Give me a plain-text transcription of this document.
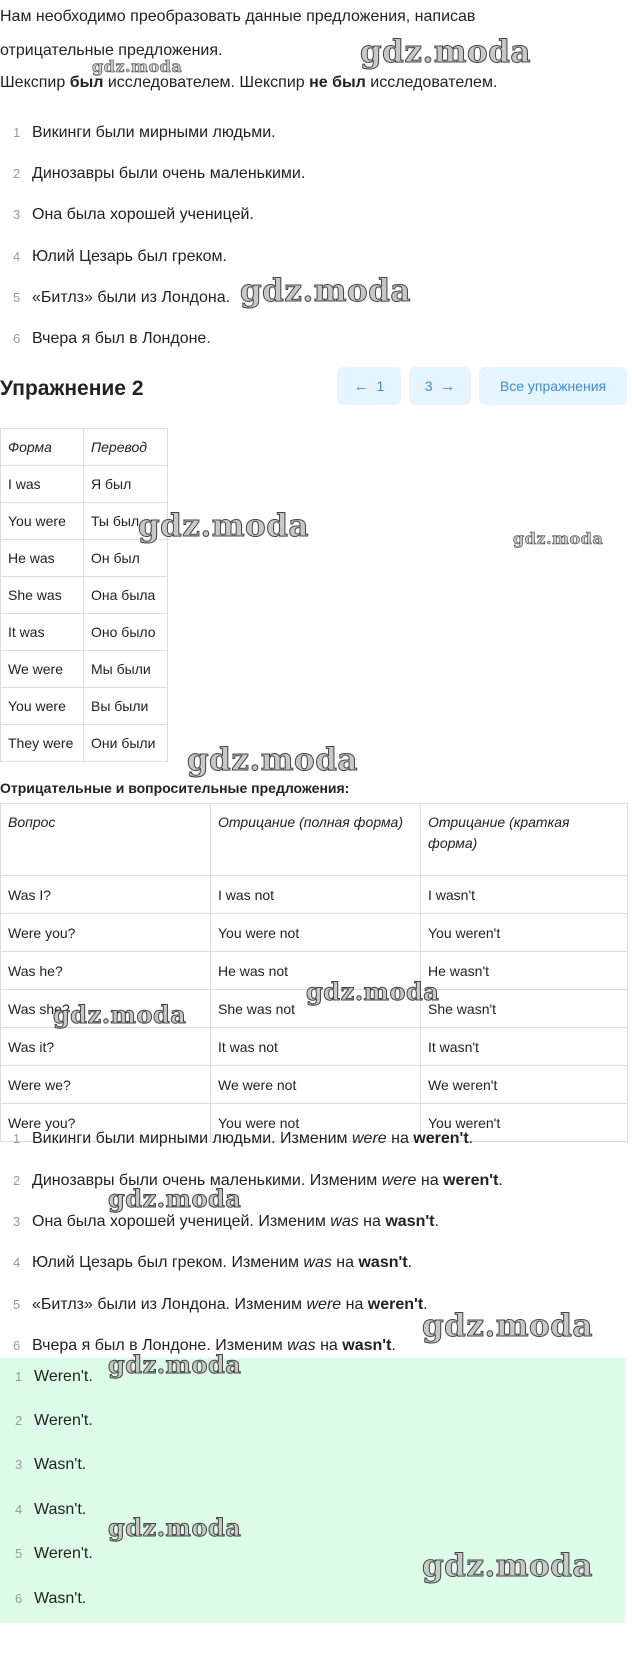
Нам необходимо преобразовать данные предложения, написав

отрицательные предложения.

Шекспир был исследователем. Шекспир не был исследователем.

1 Викинги были мирными людьми.
2 Динозавры были очень маленькими.
3 Она была хорошей ученицей.
4 Юлий Цезарь был греком.
5 «Битлз» были из Лондона.
6 Вчера я был в Лондоне.
Упражнение 2	← 1	3 →	Все упражнения
Форма	Перевод
I was	Я был
You were	Ты был
He was	Он был
She was	Она была
It was	Оно было
We were	Мы были
You were	Вы были
They were	Они были
Отрицательные и вопросительные предложения:
Вопрос	Отрицание (полная форма)	Отрицание (краткая форма)
Was I?	I was not	I wasn't
Were you?	You were not	You weren't
Was he?	He was not	He wasn't
Was she?	She was not	She wasn't
Was it?	It was not	It wasn't
Were we?	We were not	We weren't
Were you?	You were not	You weren't
1 Викинги были мирными людьми. Изменим were на weren't.
2 Динозавры были очень маленькими. Изменим were на weren't.
3 Она была хорошей ученицей. Изменим was на wasn't.
4 Юлий Цезарь был греком. Изменим was на wasn't.
5 «Битлз» были из Лондона. Изменим were на weren't.
6 Вчера я был в Лондоне. Изменим was на wasn't.
1 Weren't.
2 Weren't.
3 Wasn't.
4 Wasn't.
5 Weren't.
6 Wasn't.
gdz.moda
gdz.moda
gdz.moda
gdz.moda	gdz.moda
gdz.moda
gdz.moda
gdz.moda
gdz.moda
gdz.moda
gdz.moda
gdz.moda
gdz.moda
